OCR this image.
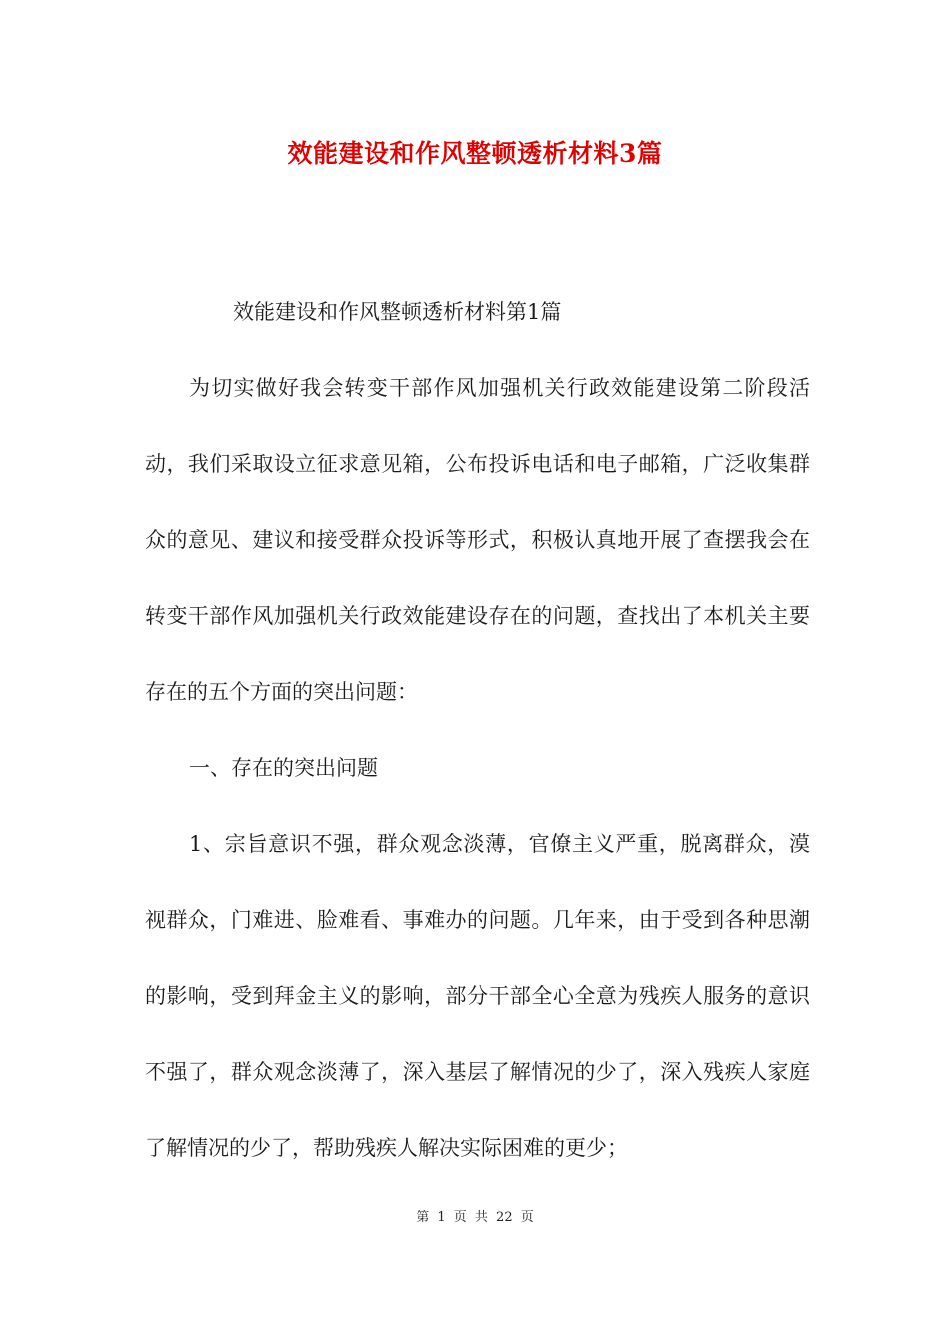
效能建设和作风整顿透析材料3篇

效能建设和作风整顿透析材料第1篇

为切实做好我会转变干部作风加强机关行政效能建设第二阶段活动，我们采取设立征求意见箱，公布投诉电话和电子邮箱，广泛收集群众的意见、建议和接受群众投诉等形式，积极认真地开展了查摆我会在转变干部作风加强机关行政效能建设存在的问题，查找出了本机关主要存在的五个方面的突出问题：

一、存在的突出问题

1、宗旨意识不强，群众观念淡薄，官僚主义严重，脱离群众，漠视群众，门难进、脸难看、事难办的问题。几年来，由于受到各种思潮的影响，受到拜金主义的影响，部分干部全心全意为残疾人服务的意识不强了，群众观念淡薄了，深入基层了解情况的少了，深入残疾人家庭了解情况的少了，帮助残疾人解决实际困难的更少；

第 1 页 共 22 页
